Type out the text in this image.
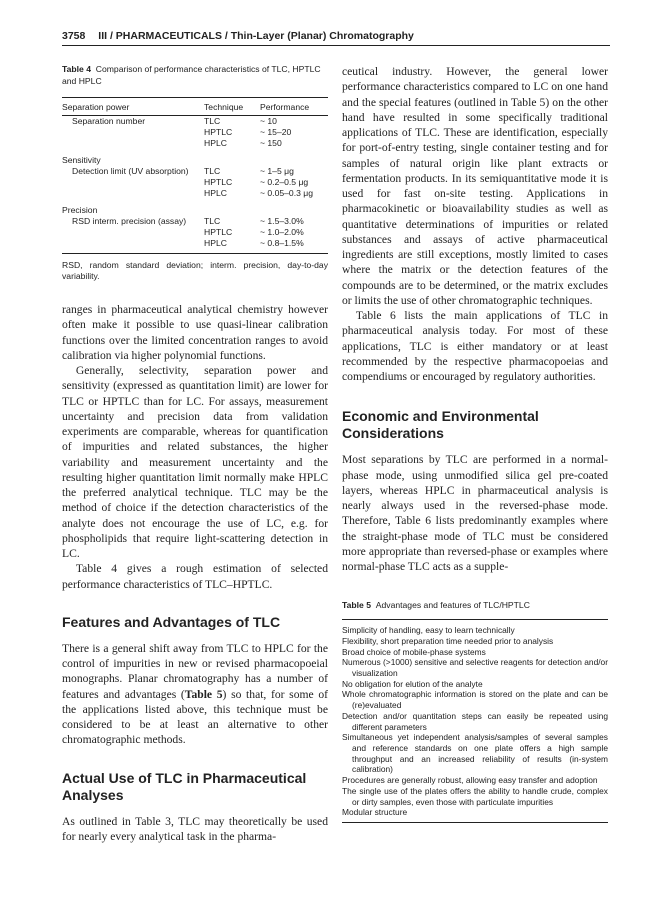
3758 III / PHARMACEUTICALS / Thin-Layer (Planar) Chromatography
Table 4 Comparison of performance characteristics of TLC, HPTLC and HPLC
Separation power	Technique	Performance
Separation number	TLC	~ 10
	HPTLC	~ 15–20
	HPLC	~ 150
Sensitivity		
Detection limit (UV absorption)	TLC	~ 1–5 μg
	HPTLC	~ 0.2–0.5 μg
	HPLC	~ 0.05–0.3 μg
Precision		
RSD interm. precision (assay)	TLC	~ 1.5–3.0%
	HPTLC	~ 1.0–2.0%
	HPLC	~ 0.8–1.5%
RSD, random standard deviation; interm. precision, day-to-day variability.

ranges in pharmaceutical analytical chemistry however often make it possible to use quasi-linear calibration functions over the limited concentration ranges to avoid calibration via higher polynomial functions.

Generally, selectivity, separation power and sensitivity (expressed as quantitation limit) are lower for TLC or HPTLC than for LC. For assays, measurement uncertainty and precision data from validation experiments are comparable, whereas for quantification of impurities and related substances, the higher variability and measurement uncertainty and the resulting higher quantitation limit normally make HPLC the preferred analytical technique. TLC may be the method of choice if the detection characteristics of the analyte does not encourage the use of LC, e.g. for phospholipids that require light-scattering detection in LC.

Table 4 gives a rough estimation of selected performance characteristics of TLC–HPTLC.

Features and Advantages of TLC

There is a general shift away from TLC to HPLC for the control of impurities in new or revised pharmacopoeial monographs. Planar chromatography has a number of features and advantages (Table 5) so that, for some of the applications listed above, this technique must be considered to be at least an alternative to other chromatographic methods.

Actual Use of TLC in Pharmaceutical Analyses

As outlined in Table 3, TLC may theoretically be used for nearly every analytical task in the pharma-

ceutical industry. However, the general lower performance characteristics compared to LC on one hand and the special features (outlined in Table 5) on the other hand have resulted in some specifically traditional applications of TLC. These are identification, especially for port-of-entry testing, single container testing and for samples of natural origin like plant extracts or fermentation products. In its semiquantitative mode it is used for fast on-site testing. Applications in pharmacokinetic or bioavailability studies as well as quantitative determinations of impurities or related substances and assays of active pharmaceutical ingredients are still exceptions, mostly limited to cases where the matrix or the detection features of the compounds are to be determined, or the matrix excludes or limits the use of other chromatographic techniques.

Table 6 lists the main applications of TLC in pharmaceutical analysis today. For most of these applications, TLC is either mandatory or at least recommended by the respective pharmacopoeias and compendiums or encouraged by regulatory authorities.

Economic and Environmental Considerations

Most separations by TLC are performed in a normal-phase mode, using unmodified silica gel pre-coated layers, whereas HPLC in pharmaceutical analysis is nearly always used in the reversed-phase mode. Therefore, Table 6 lists predominantly examples where the straight-phase mode of TLC must be considered more appropriate than reversed-phase or examples where normal-phase TLC acts as a supple-

Table 5 Advantages and features of TLC/HPTLC
Simplicity of handling, easy to learn technically
Flexibility, short preparation time needed prior to analysis
Broad choice of mobile-phase systems
Numerous (>1000) sensitive and selective reagents for detection and/or visualization
No obligation for elution of the analyte
Whole chromatographic information is stored on the plate and can be (re)evaluated
Detection and/or quantitation steps can easily be repeated using different parameters
Simultaneous yet independent analysis/samples of several samples and reference standards on one plate offers a high sample throughput and an increased reliability of results (in-system calibration)
Procedures are generally robust, allowing easy transfer and adoption
The single use of the plates offers the ability to handle crude, complex or dirty samples, even those with particulate impurities
Modular structure
